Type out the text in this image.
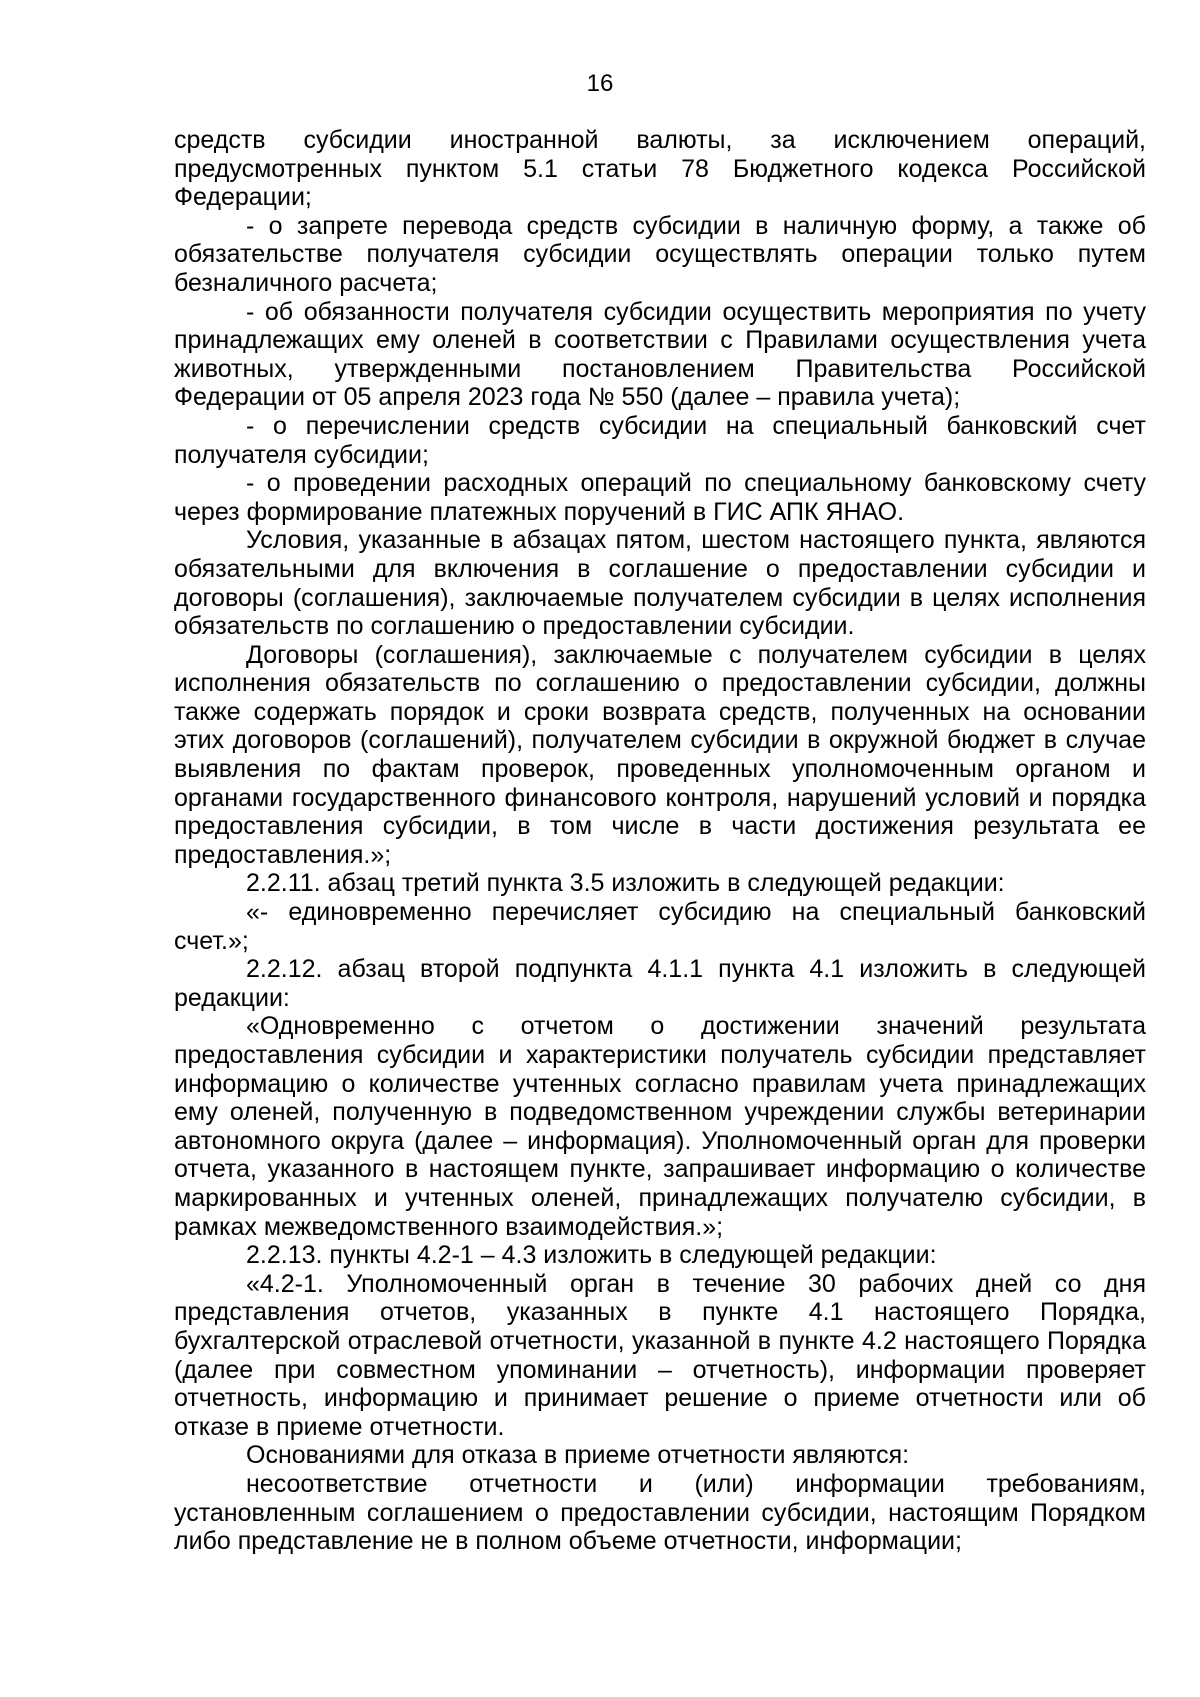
16

средств субсидии иностранной валюты, за исключением операций, предусмотренных пунктом 5.1 статьи 78 Бюджетного кодекса Российской Федерации;

- о запрете перевода средств субсидии в наличную форму, а также об обязательстве получателя субсидии осуществлять операции только путем безналичного расчета;

- об обязанности получателя субсидии осуществить мероприятия по учету принадлежащих ему оленей в соответствии с Правилами осуществления учета животных, утвержденными постановлением Правительства Российской Федерации от 05 апреля 2023 года № 550 (далее – правила учета);

- о перечислении средств субсидии на специальный банковский счет получателя субсидии;

- о проведении расходных операций по специальному банковскому счету через формирование платежных поручений в ГИС АПК ЯНАО.

Условия, указанные в абзацах пятом, шестом настоящего пункта, являются обязательными для включения в соглашение о предоставлении субсидии и договоры (соглашения), заключаемые получателем субсидии в целях исполнения обязательств по соглашению о предоставлении субсидии.

Договоры (соглашения), заключаемые с получателем субсидии в целях исполнения обязательств по соглашению о предоставлении субсидии, должны также содержать порядок и сроки возврата средств, полученных на основании этих договоров (соглашений), получателем субсидии в окружной бюджет в случае выявления по фактам проверок, проведенных уполномоченным органом и органами государственного финансового контроля, нарушений условий и порядка предоставления субсидии, в том числе в части достижения результата ее предоставления.»;

2.2.11. абзац третий пункта 3.5 изложить в следующей редакции:

«- единовременно перечисляет субсидию на специальный банковский счет.»;

2.2.12. абзац второй подпункта 4.1.1 пункта 4.1 изложить в следующей редакции:

«Одновременно с отчетом о достижении значений результата предоставления субсидии и характеристики получатель субсидии представляет информацию о количестве учтенных согласно правилам учета принадлежащих ему оленей, полученную в подведомственном учреждении службы ветеринарии автономного округа (далее – информация). Уполномоченный орган для проверки отчета, указанного в настоящем пункте, запрашивает информацию о количестве маркированных и учтенных оленей, принадлежащих получателю субсидии, в рамках межведомственного взаимодействия.»;

2.2.13. пункты 4.2-1 – 4.3 изложить в следующей редакции:

«4.2-1. Уполномоченный орган в течение 30 рабочих дней со дня представления отчетов, указанных в пункте 4.1 настоящего Порядка, бухгалтерской отраслевой отчетности, указанной в пункте 4.2 настоящего Порядка (далее при совместном упоминании – отчетность), информации проверяет отчетность, информацию и принимает решение о приеме отчетности или об отказе в приеме отчетности.

Основаниями для отказа в приеме отчетности являются:

несоответствие отчетности и (или) информации требованиям, установленным соглашением о предоставлении субсидии, настоящим Порядком либо представление не в полном объеме отчетности, информации;
